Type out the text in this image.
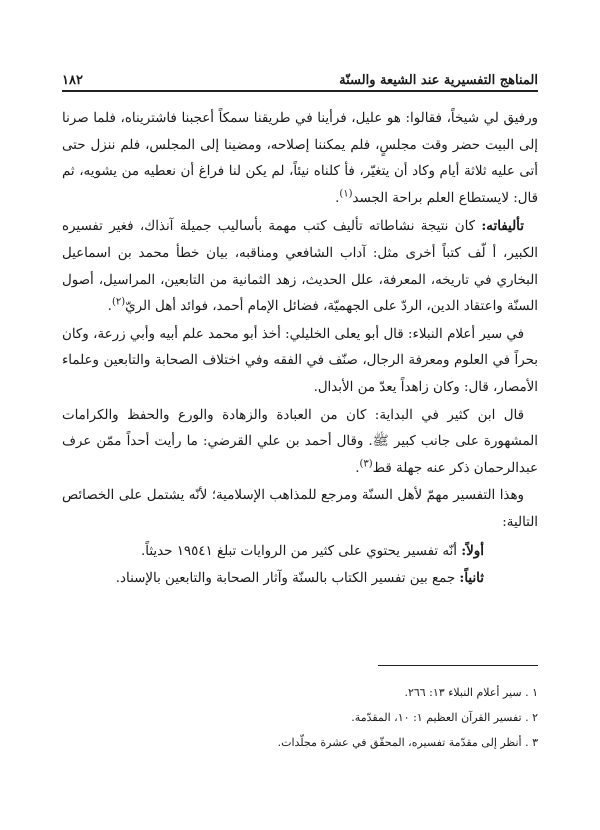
المناهج التفسيرية عند الشيعة والسنّة
١٨٢

ورفيق لي شيخاً، فقالوا: هو عليل، فرأينا في طريقنا سمكاً أعجبنا فاشتريناه، فلما صرنا إلى البيت حضر وقت مجلسٍ، فلم يمكننا إصلاحه، ومضينا إلى المجلس، فلم ننزل حتى أتى عليه ثلاثة أيام وكاد أن يتغيّر، فأ كلناه نيئاً، لم يكن لنا فراغ أن نعطيه من يشويه، ثم قال: لايستطاع العلم براحة الجسد$^{(١)}$.

تأليفاته: كان نتيجة نشاطاته تأليف كتب مهمة بأساليب جميلة آنذاك، فغير تفسيره الكبير، أ لّف كتباً أخرى مثل: آداب الشافعي ومناقبه، بيان خطأ محمد بن اسماعيل البخاري في تاريخه، المعرفة، علل الحديث، زهد الثمانية من التابعين، المراسيل، أصول السنّة واعتقاد الدين، الردّ على الجهميّة، فضائل الإمام أحمد، فوائد أهل الريّ$^{(٢)}$.

في سير أعلام النبلاء: قال أبو يعلى الخليلي: أخذ أبو محمد علم أبيه وأبي زرعة، وكان بحراً في العلوم ومعرفة الرجال، صنّف في الفقه وفي اختلاف الصحابة والتابعين وعلماء الأمصار، قال: وكان زاهداً يعدّ من الأبدال.

قال ابن كثير في البداية: كان من العبادة والزهادة والورع والحفظ والكرامات المشهورة على جانب كبير ﷺ. وقال أحمد بن علي القرضي: ما رأيت أحداً ممّن عرف عبدالرحمان ذكر عنه جهلة قط$^{(٣)}$.

وهذا التفسير مهمّ لأهل السنّة ومرجع للمذاهب الإسلامية؛ لأنّه يشتمل على الخصائص التالية:

أولاً: أنّه تفسير يحتوي على كثير من الروايات تبلغ ١٩٥٤١ حديثاً.

ثانياً: جمع بين تفسير الكتاب بالسنّة وآثار الصحابة والتابعين بالإسناد.

١ . سير أعلام النبلاء ١٣: ٢٦٦.
٢ . تفسير القرآن العظيم ١: ١٠، المقدّمة.
٣ . أنظر إلى مقدّمة تفسيره، المحقّق في عشرة مجلّدات.
